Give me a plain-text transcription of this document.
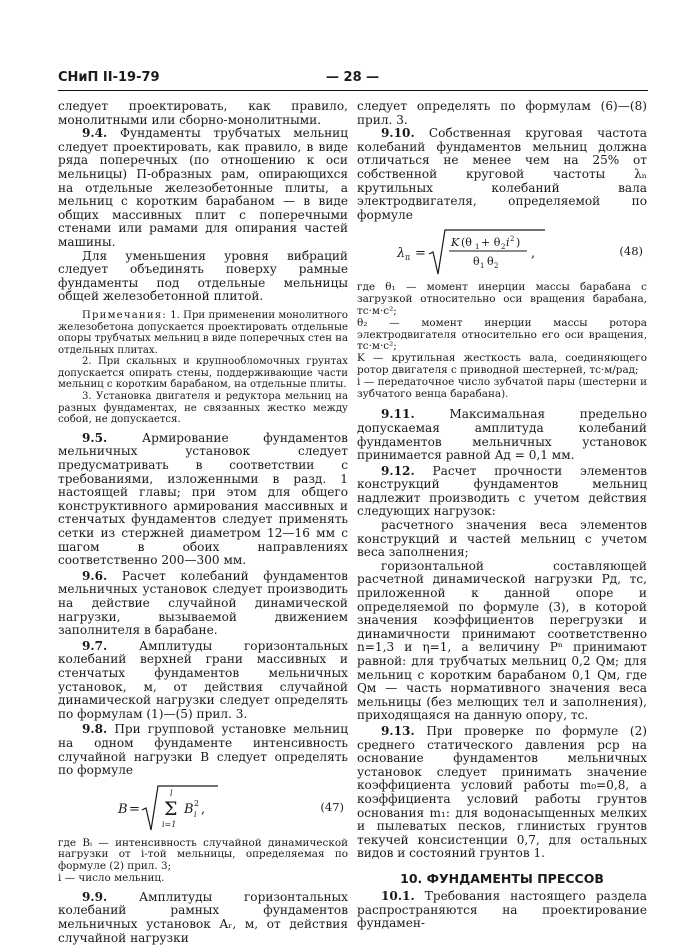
СНиП II-19-79	— 28 —

следует проектировать, как правило, монолитными или сборно-монолитными.

9.4. Фундаменты трубчатых мельниц следует проектировать, как правило, в виде ряда поперечных (по отношению к оси мельницы) П-образных рам, опирающихся на отдельные железобетонные плиты, а мельниц с коротким барабаном — в виде общих массивных плит с поперечными стенами или рамами для опирания частей машины.

Для уменьшения уровня вибраций следует объединять поверху рамные фундаменты под отдельные мельницы общей железобетонной плитой.

Примечания: 1. При применении монолитного железобетона допускается проектировать отдельные опоры трубчатых мельниц в виде поперечных стен на отдельных плитах.

2. При скальных и крупнообломочных грунтах допускается опирать стены, поддерживающие части мельниц с коротким барабаном, на отдельные плиты.

3. Установка двигателя и редуктора мельниц на разных фундаментах, не связанных жестко между собой, не допускается.

9.5.	Армирование фундаментов мельничных установок следует предусматривать в соответствии с требованиями, изложенными в разд. 1 настоящей главы; при этом для общего конструктивного армирования массивных и стенчатых фундаментов следует применять сетки из стержней диаметром 12—16 мм с шагом в обоих направлениях соответственно 200—300 мм.

9.6. Расчет колебаний фундаментов мельничных установок следует производить на действие случайной динамической нагрузки, вызываемой движением заполнителя в барабане.

9.7.	Амплитуды горизонтальных колебаний верхней грани массивных и стенчатых фундаментов мельничных установок, м, от действия случайной динамической нагрузки следует определять по формулам (1)—(5) прил. 3.

9.8. При групповой установке мельниц на одном фундаменте интенсивность случайной нагрузки B следует определять по формуле

B =
l
Σ
i=1
B 2
i ,	(47)

где Bᵢ — интенсивность случайной динамической нагрузки от i-той мельницы, определяемая по формуле (2) прил. 3;

i — число мельниц.

9.9.	Амплитуды горизонтальных колебаний рамных фундаментов мельничных установок Aᵣ, м, от действия случайной нагрузки

следует определять по формулам (6)—(8) прил. 3.

9.10. Собственная круговая частота колебаний фундаментов мельниц должна отличаться не менее чем на 25% от собственной круговой частоты λₙ крутильных колебаний вала электродвигателя, определяемой по формуле

λ п =
K (θ 1 + θ 2 i 2 )
θ 1 θ 2
,	(48)

где θ₁ — момент инерции массы барабана с загрузкой относительно оси вращения барабана, тс·м·с²;

θ₂ — момент инерции массы ротора электродвигателя относительно его оси вращения, тс·м·с²;

K — крутильная жесткость вала, соединяющего ротор двигателя с приводной шестерней, тс·м/рад;

i — передаточное число зубчатой пары (шестерни и зубчатого венца барабана).

9.11.	Максимальная предельно допускаемая амплитуда колебаний фундаментов мельничных установок принимается равной Aд = 0,1 мм.

9.12. Расчет прочности элементов конструкций фундаментов мельниц надлежит производить с учетом действия следующих нагрузок:

расчетного значения веса элементов конструкций и частей мельниц с учетом веса заполнения;

горизонтальной составляющей расчетной динамической нагрузки Pд, тс, приложенной к данной опоре и определяемой по формуле (3), в которой значения коэффициентов перегрузки и динамичности принимают соответственно n=1,3 и η=1, а величину Pⁿ принимают равной: для трубчатых мельниц 0,2 Qм; для мельниц с коротким барабаном 0,1 Qм, где Qм — часть нормативного значения веса мельницы (без мелющих тел и заполнения), приходящаяся на данную опору, тс.

9.13. При проверке по формуле (2) среднего статического давления pср на основание фундаментов мельничных установок следует принимать значение коэффициента условий работы m₀=0,8, а коэффициента условий работы грунтов основания m₁: для водонасыщенных мелких и пылеватых песков, глинистых грунтов текучей консистенции 0,7, для остальных видов и состояний грунтов 1.

10. ФУНДАМЕНТЫ ПРЕССОВ

10.1. Требования настоящего раздела распространяются на проектирование фундамен-
